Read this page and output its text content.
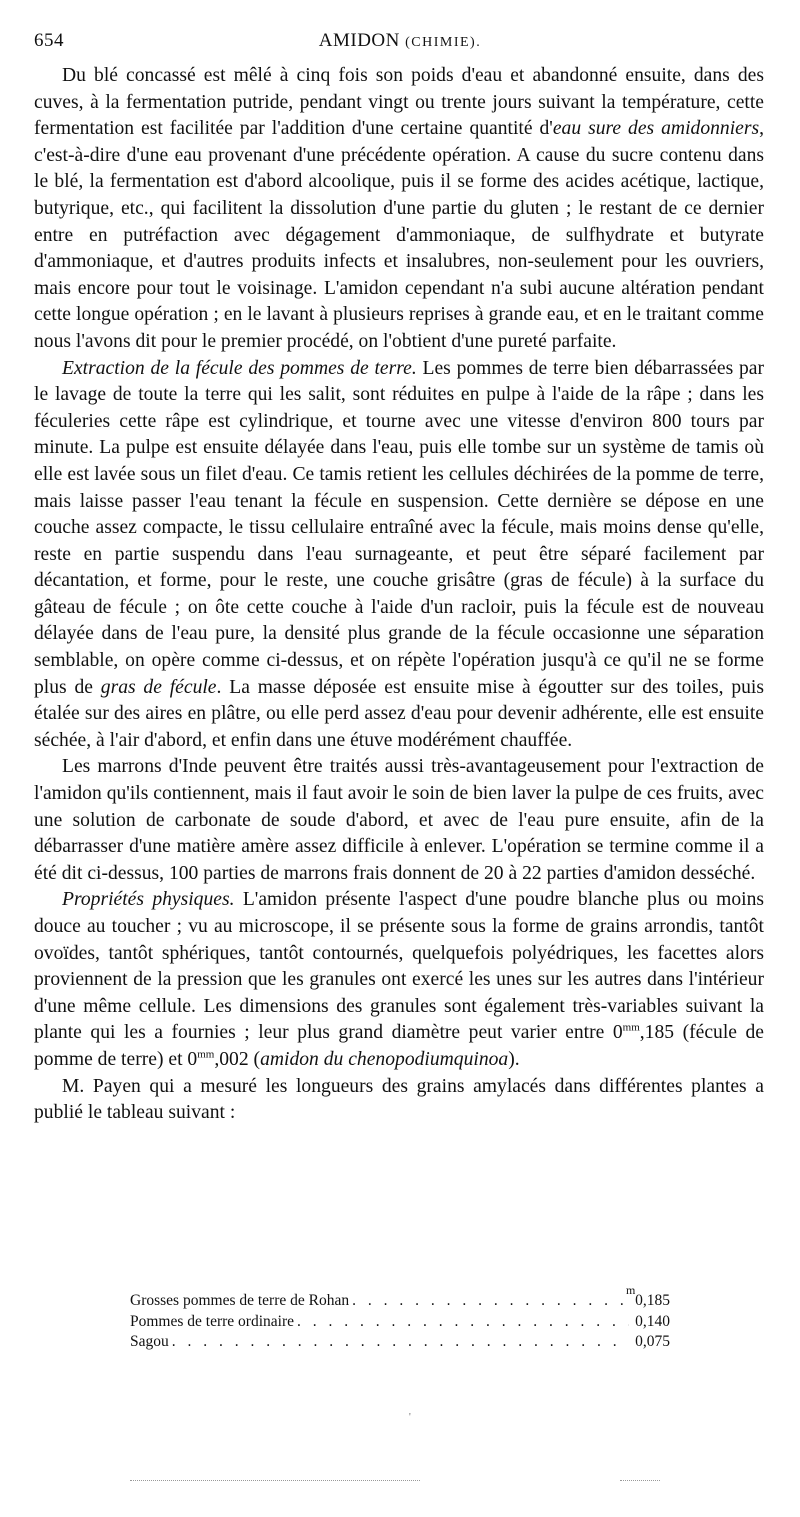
654	AMIDON (CHIMIE).

Du blé concassé est mêlé à cinq fois son poids d'eau et abandonné ensuite, dans des cuves, à la fermentation putride, pendant vingt ou trente jours suivant la température, cette fermentation est facilitée par l'addition d'une certaine quantité d'eau sure des amidonniers, c'est-à-dire d'une eau provenant d'une précédente opération. A cause du sucre contenu dans le blé, la fermentation est d'abord alcoolique, puis il se forme des acides acétique, lactique, butyrique, etc., qui facilitent la dissolution d'une partie du gluten ; le restant de ce dernier entre en putréfaction avec dégagement d'ammoniaque, de sulfhydrate et butyrate d'ammoniaque, et d'autres produits infects et insalubres, non-seulement pour les ouvriers, mais encore pour tout le voisinage. L'amidon cependant n'a subi aucune altération pendant cette longue opération ; en le lavant à plusieurs reprises à grande eau, et en le traitant comme nous l'avons dit pour le premier procédé, on l'obtient d'une pureté parfaite.

Extraction de la fécule des pommes de terre. Les pommes de terre bien débarrassées par le lavage de toute la terre qui les salit, sont réduites en pulpe à l'aide de la râpe ; dans les féculeries cette râpe est cylindrique, et tourne avec une vitesse d'environ 800 tours par minute. La pulpe est ensuite délayée dans l'eau, puis elle tombe sur un système de tamis où elle est lavée sous un filet d'eau. Ce tamis retient les cellules déchirées de la pomme de terre, mais laisse passer l'eau tenant la fécule en suspension. Cette dernière se dépose en une couche assez compacte, le tissu cellulaire entraîné avec la fécule, mais moins dense qu'elle, reste en partie suspendu dans l'eau surnageante, et peut être séparé facilement par décantation, et forme, pour le reste, une couche grisâtre (gras de fécule) à la surface du gâteau de fécule ; on ôte cette couche à l'aide d'un racloir, puis la fécule est de nouveau délayée dans de l'eau pure, la densité plus grande de la fécule occasionne une séparation semblable, on opère comme ci-dessus, et on répète l'opération jusqu'à ce qu'il ne se forme plus de gras de fécule. La masse déposée est ensuite mise à égoutter sur des toiles, puis étalée sur des aires en plâtre, ou elle perd assez d'eau pour devenir adhérente, elle est ensuite séchée, à l'air d'abord, et enfin dans une étuve modérément chauffée.

Les marrons d'Inde peuvent être traités aussi très-avantageusement pour l'extraction de l'amidon qu'ils contiennent, mais il faut avoir le soin de bien laver la pulpe de ces fruits, avec une solution de carbonate de soude d'abord, et avec de l'eau pure ensuite, afin de la débarrasser d'une matière amère assez difficile à enlever. L'opération se termine comme il a été dit ci-dessus, 100 parties de marrons frais donnent de 20 à 22 parties d'amidon desséché.

Propriétés physiques. L'amidon présente l'aspect d'une poudre blanche plus ou moins douce au toucher ; vu au microscope, il se présente sous la forme de grains arrondis, tantôt ovoïdes, tantôt sphériques, tantôt contournés, quelquefois polyédriques, les facettes alors proviennent de la pression que les granules ont exercé les unes sur les autres dans l'intérieur d'une même cellule. Les dimensions des granules sont également très-variables suivant la plante qui les a fournies ; leur plus grand diamètre peut varier entre $0^{mm},185$ (fécule de pomme de terre) et $0^{mm},002$ (amidon du chenopodiumquinoa).

M. Payen qui a mesuré les longueurs des grains amylacés dans différentes plantes a publié le tableau suivant :

m
Grosses pommes de terre de Rohan . . .	0,185
Pommes de terre ordinaire . . .	0,140
Sagou . . .	0,075
'
